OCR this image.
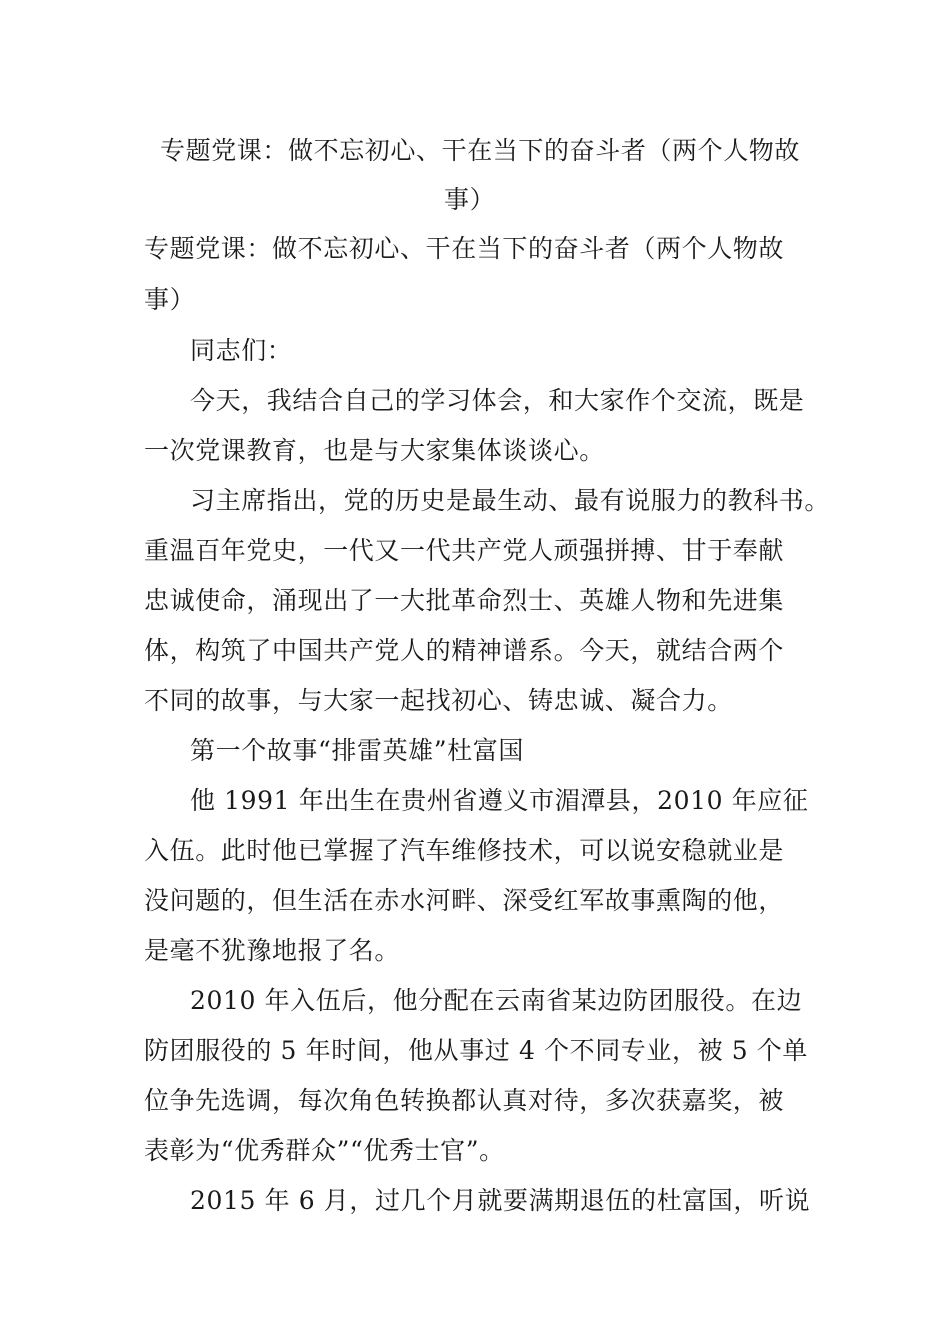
专题党课：做不忘初心、干在当下的奋斗者（两个人物故
事）
专题党课：做不忘初心、干在当下的奋斗者（两个人物故
事）
同志们：
今天，我结合自己的学习体会，和大家作个交流，既是
一次党课教育，也是与大家集体谈谈心。
习主席指出，党的历史是最生动、最有说服力的教科书。
重温百年党史，一代又一代共产党人顽强拼搏、甘于奉献
忠诚使命，涌现出了一大批革命烈士、英雄人物和先进集
体，构筑了中国共产党人的精神谱系。今天，就结合两个
不同的故事，与大家一起找初心、铸忠诚、凝合力。
第一个故事“排雷英雄”杜富国
他 1991 年出生在贵州省遵义市湄潭县，2010 年应征
入伍。此时他已掌握了汽车维修技术，可以说安稳就业是
没问题的，但生活在赤水河畔、深受红军故事熏陶的他，
是毫不犹豫地报了名。
2010 年入伍后，他分配在云南省某边防团服役。在边
防团服役的 5 年时间，他从事过 4 个不同专业，被 5 个单
位争先选调，每次角色转换都认真对待，多次获嘉奖，被
表彰为“优秀群众”“优秀士官”。
2015 年 6 月，过几个月就要满期退伍的杜富国，听说
